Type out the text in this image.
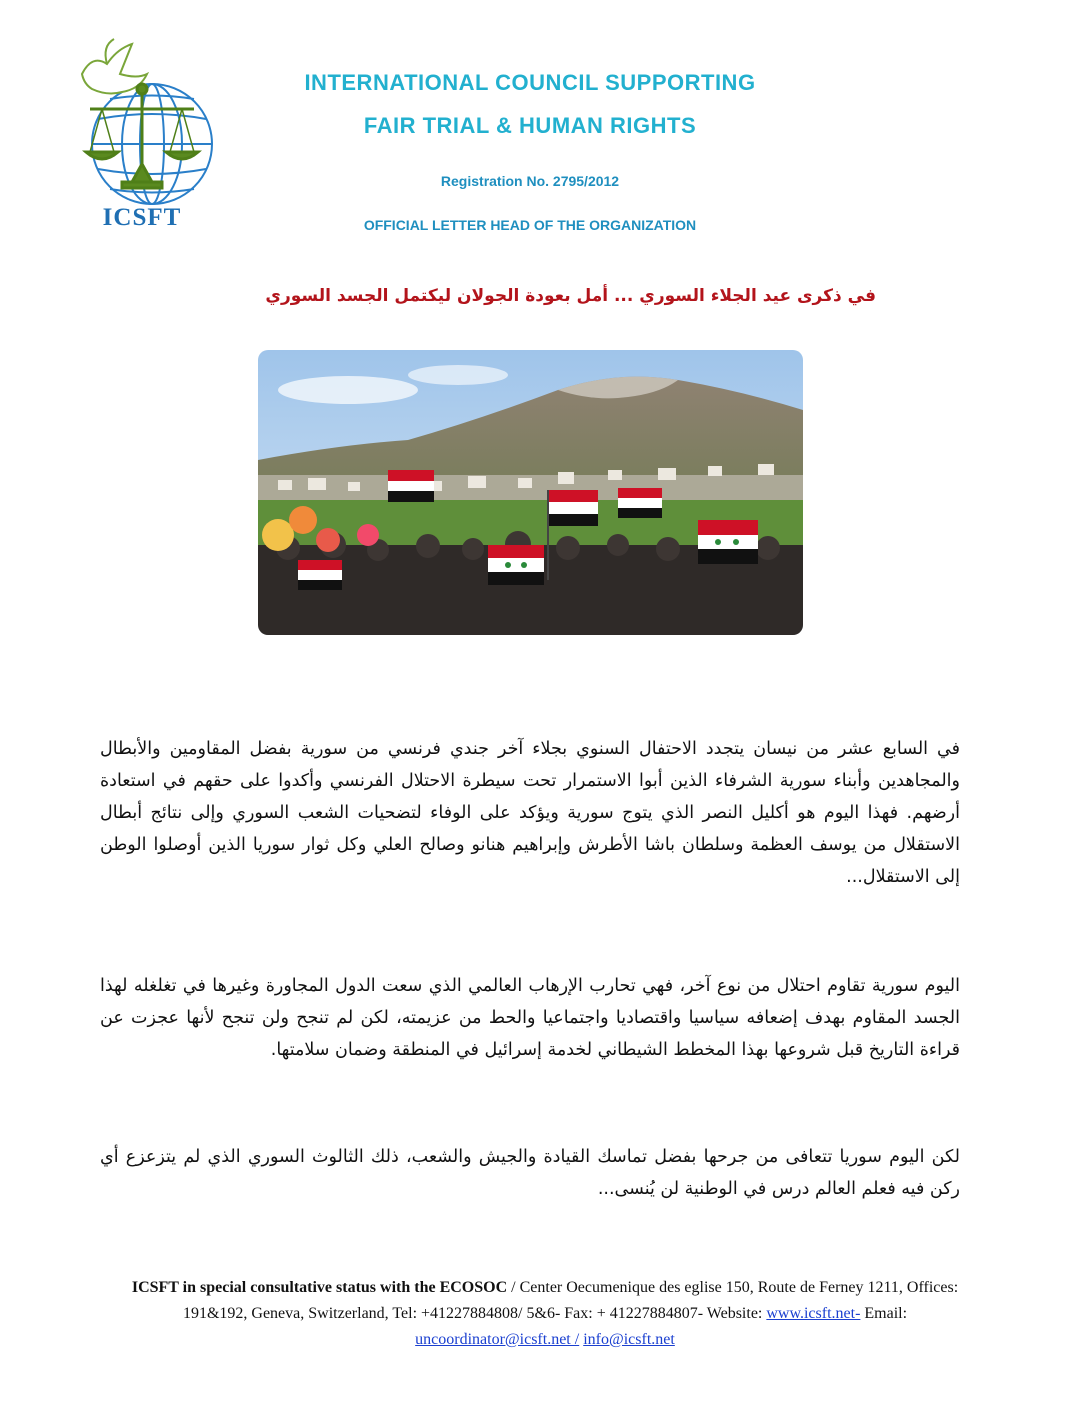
ICSFT
INTERNATIONAL COUNCIL SUPPORTING
FAIR TRIAL & HUMAN RIGHTS
Registration No. 2795/2012
OFFICIAL LETTER HEAD OF THE ORGANIZATION
في ذكرى عيد الجلاء السوري ... أمل بعودة الجولان ليكتمل الجسد السوري
في السابع عشر من نيسان يتجدد الاحتفال السنوي بجلاء آخر جندي فرنسي من سورية بفضل المقاومين والأبطال والمجاهدين وأبناء سورية الشرفاء الذين أبوا الاستمرار تحت سيطرة الاحتلال الفرنسي وأكدوا على حقهم في استعادة أرضهم. فهذا اليوم هو أكليل النصر الذي يتوج سورية ويؤكد على الوفاء لتضحيات الشعب السوري وإلى نتائج أبطال الاستقلال من يوسف العظمة وسلطان باشا الأطرش وإبراهيم هنانو وصالح العلي وكل ثوار سوريا الذين أوصلوا الوطن إلى الاستقلال...
اليوم سورية تقاوم احتلال من نوع آخر، فهي تحارب الإرهاب العالمي الذي سعت الدول المجاورة وغيرها في تغلغله لهذا الجسد المقاوم بهدف إضعافه سياسيا واقتصاديا واجتماعيا والحط من عزيمته، لكن لم تنجح ولن تنجح لأنها عجزت عن قراءة التاريخ قبل شروعها بهذا المخطط الشيطاني لخدمة إسرائيل في المنطقة وضمان سلامتها.
لكن اليوم سوريا تتعافى من جرحها بفضل تماسك القيادة والجيش والشعب، ذلك الثالوث السوري الذي لم يتزعزع أي ركن فيه فعلم العالم درس في الوطنية لن يُنسى...
ICSFT in special consultative status with the ECOSOC / Center Oecumenique des eglise 150, Route de Ferney 1211, Offices: 191&192, Geneva, Switzerland, Tel: +41227884808/ 5&6- Fax: + 41227884807- Website: www.icsft.net- Email: uncoordinator@icsft.net / info@icsft.net
